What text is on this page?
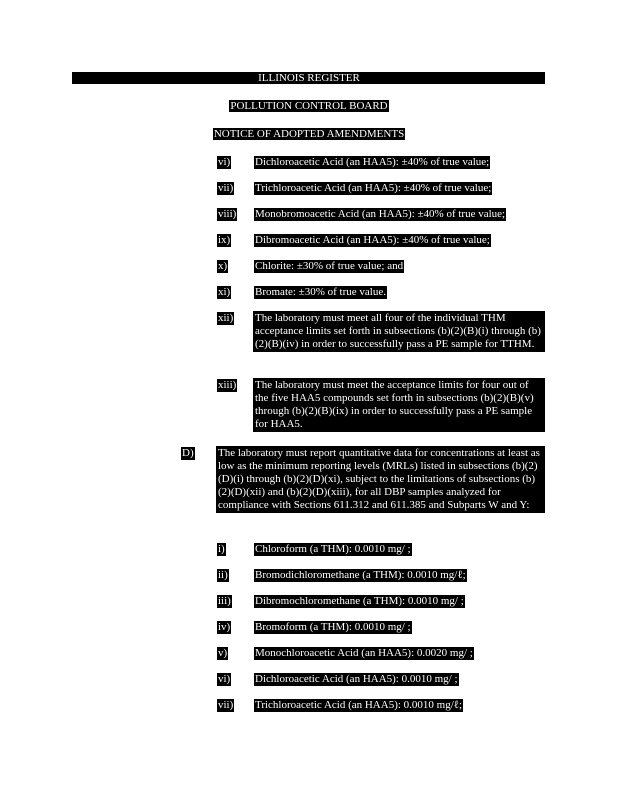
ILLINOIS REGISTER
POLLUTION CONTROL BOARD
NOTICE OF ADOPTED AMENDMENTS
vi) Dichloroacetic Acid (an HAA5): ±40% of true value;
vii) Trichloroacetic Acid (an HAA5): ±40% of true value;
viii) Monobromoacetic Acid (an HAA5): ±40% of true value;
ix) Dibromoacetic Acid (an HAA5): ±40% of true value;
x)	Chlorite: ±30% of true value; and
xi) Bromate: ±30% of true value.
xii) The laboratory must meet all four of the individual THM acceptance limits set forth in subsections (b)(2)(B)(i) through (b)(2)(B)(iv) in order to successfully pass a PE sample for TTHM.
xiii) The laboratory must meet the acceptance limits for four out of the five HAA5 compounds set forth in subsections (b)(2)(B)(v) through (b)(2)(B)(ix) in order to successfully pass a PE sample for HAA5.
D) The laboratory must report quantitative data for concentrations at least as low as the minimum reporting levels (MRLs) listed in subsections (b)(2)(D)(i) through (b)(2)(D)(xi), subject to the limitations of subsections (b)(2)(D)(xii) and (b)(2)(D)(xiii), for all DBP samples analyzed for compliance with Sections 611.312 and 611.385 and Subparts W and Y:
i)	Chloroform (a THM): 0.0010 mg/ ;
ii) Bromodichloromethane (a THM): 0.0010 mg/ℓ;
iii) Dibromochloromethane (a THM): 0.0010 mg/ ;
iv) Bromoform (a THM): 0.0010 mg/ ;
v)	Monochloroacetic Acid (an HAA5): 0.0020 mg/ ;
vi) Dichloroacetic Acid (an HAA5): 0.0010 mg/ ;
vii) Trichloroacetic Acid (an HAA5): 0.0010 mg/ℓ;
